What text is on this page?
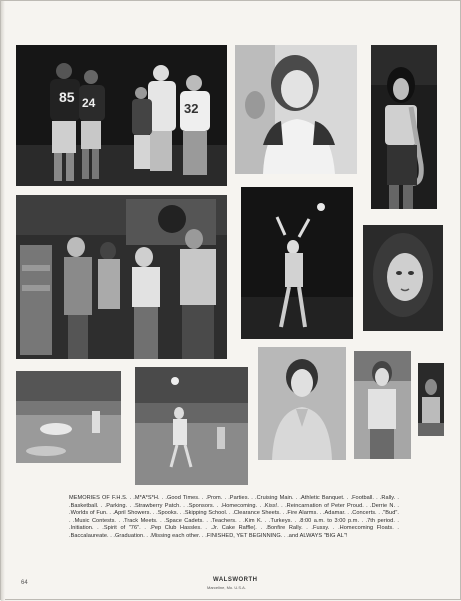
85 24	32
MEMORIES OF F.H.S. . .M*A*S*H. . .Good Times. . .Prom. . .Parties. . .Cruising Main. . .Athletic Banquet. . .Football. . .Rally. . .Basketball. . .Parking. . .Strawberry Patch. . .Sponsors. . .Homecoming. . .Kiss!. . .Reincarnation of Peter Proud. . .Derrie N. . .Worlds of Fun. . .April Showers. . .Spooks. . .Skipping School. . .Clearance Sheets. . .Fire Alarms. . .Adamar. . .Concerts. . ."Bud". . .Music Contests. . .Track Meets. . .Space Cadets. . .Teachers. . .Kim K. . .Turkeys. . .8:00 a.m. to 3:00 p.m. . .7th period. . .Initiation. . .Spirit of "76". . .Pep Club Hassles. . .Jr. Cake Raffle(. . .Bonfire Rally. . .Fussy. . .Homecoming Floats. . .Baccalaureate. . .Graduation. . .Missing each other. . .FINISHED, YET BEGINNING. . .and ALWAYS "BIG AL"!
64	WALSWORTH
Marceline, Mo. U.S.A.
